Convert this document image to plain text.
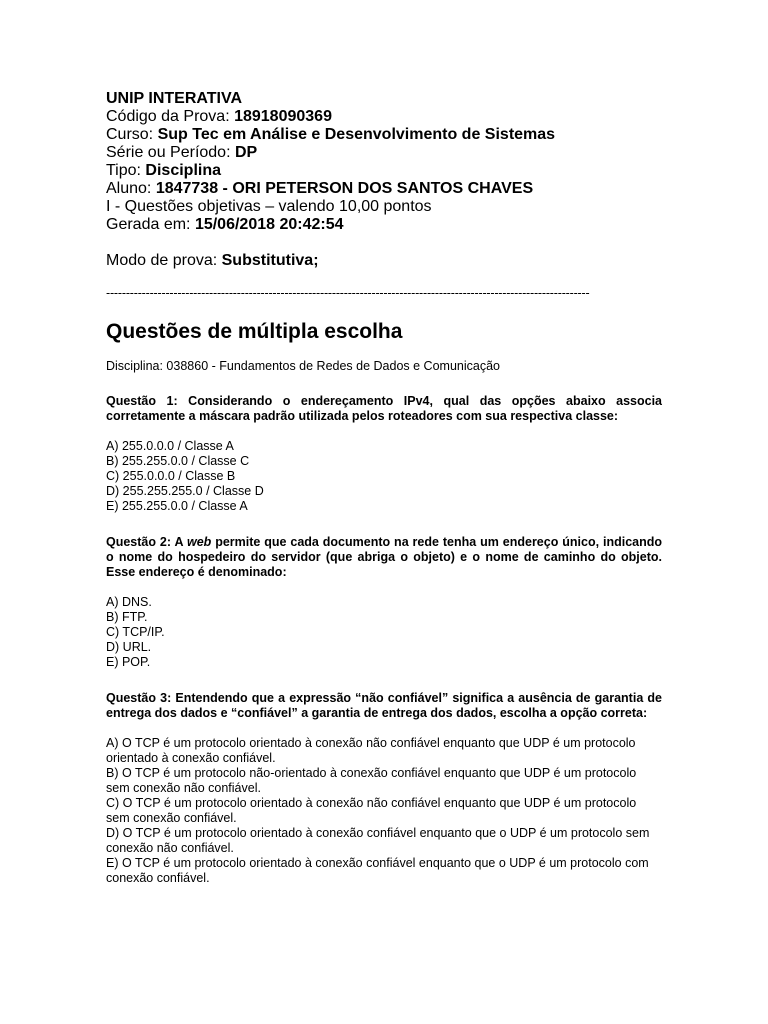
UNIP INTERATIVA

Código da Prova: 18918090369

Curso: Sup Tec em Análise e Desenvolvimento de Sistemas

Série ou Período: DP

Tipo: Disciplina

Aluno: 1847738 - ORI PETERSON DOS SANTOS CHAVES

I - Questões objetivas – valendo 10,00 pontos

Gerada em: 15/06/2018 20:42:54

Modo de prova: Substitutiva;
--------------------------------------------------------------------------------------------------------------------------
Questões de múltipla escolha
Disciplina: 038860 - Fundamentos de Redes de Dados e Comunicação
Questão 1: Considerando o endereçamento IPv4, qual das opções abaixo associa corretamente a máscara padrão utilizada pelos roteadores com sua respectiva classe:

A) 255.0.0.0 / Classe A

B) 255.255.0.0 / Classe C

C) 255.0.0.0 / Classe B

D) 255.255.255.0 / Classe D

E) 255.255.0.0 / Classe A

Questão 2: A web permite que cada documento na rede tenha um endereço único, indicando o nome do hospedeiro do servidor (que abriga o objeto) e o nome de caminho do objeto. Esse endereço é denominado:

A) DNS.

B) FTP.

C) TCP/IP.

D) URL.

E) POP.

Questão 3: Entendendo que a expressão “não confiável” significa a ausência de garantia de entrega dos dados e “confiável” a garantia de entrega dos dados, escolha a opção correta:

A) O TCP é um protocolo orientado à conexão não confiável enquanto que UDP é um protocolo orientado à conexão confiável.

B) O TCP é um protocolo não-orientado à conexão confiável enquanto que UDP é um protocolo sem conexão não confiável.

C) O TCP é um protocolo orientado à conexão não confiável enquanto que UDP é um protocolo sem conexão confiável.

D) O TCP é um protocolo orientado à conexão confiável enquanto que o UDP é um protocolo sem conexão não confiável.

E) O TCP é um protocolo orientado à conexão confiável enquanto que o UDP é um protocolo com conexão confiável.
